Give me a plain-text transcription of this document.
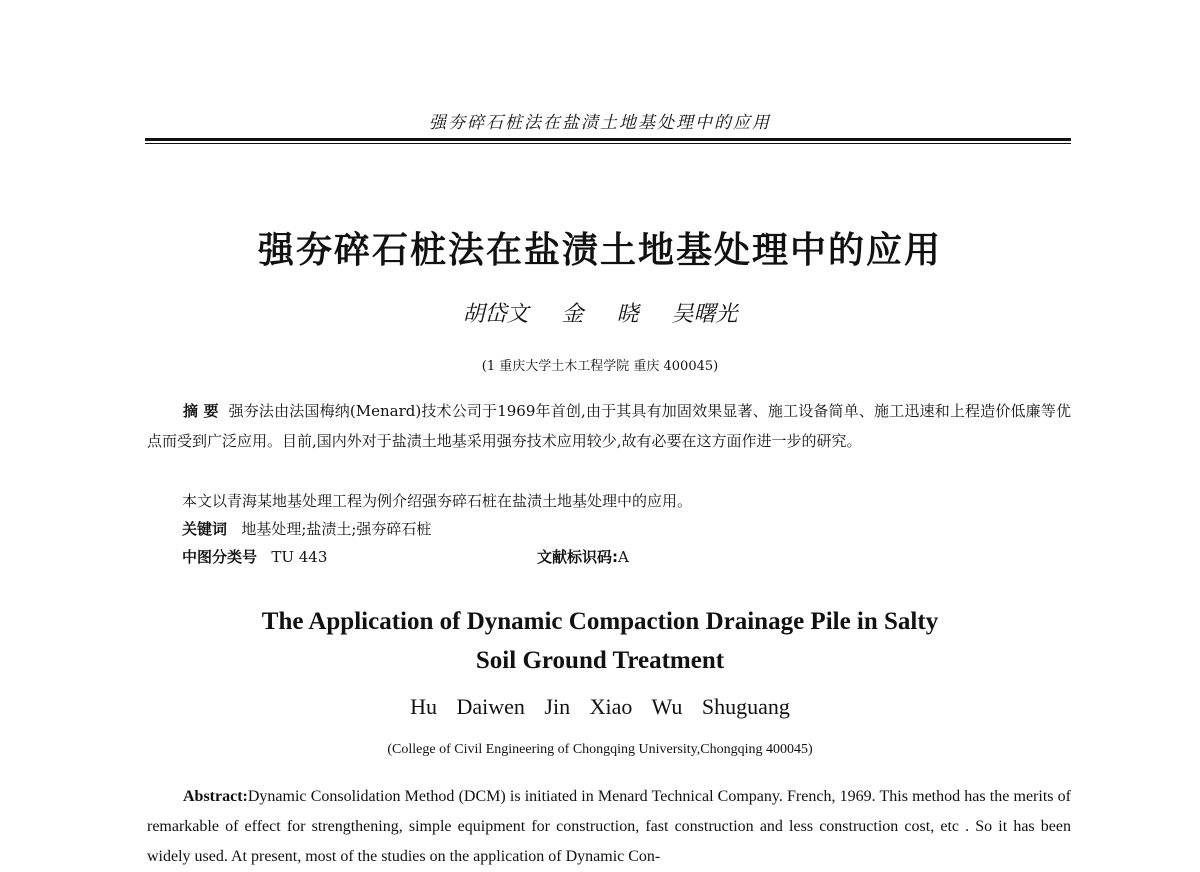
强夯碎石桩法在盐渍土地基处理中的应用
强夯碎石桩法在盐渍土地基处理中的应用
胡岱文 金 晓 吴曙光
(1 重庆大学土木工程学院 重庆 400045)
摘 要 强夯法由法国梅纳(Menard)技术公司于1969年首创,由于其具有加固效果显著、施工设备简单、施工迅速和上程造价低廉等优点而受到广泛应用。目前,国内外对于盐渍土地基采用强夯技术应用较少,故有必要在这方面作进一步的研究。
本文以青海某地基处理工程为例介绍强夯碎石桩在盐渍土地基处理中的应用。
关键词 地基处理;盐渍土;强夯碎石桩
中图分类号 TU 443	文献标识码:A
The Application of Dynamic Compaction Drainage Pile in Salty
Soil Ground Treatment
Hu Daiwen Jin Xiao Wu Shuguang
(College of Civil Engineering of Chongqing University,Chongqing 400045)
Abstract:Dynamic Consolidation Method (DCM) is initiated in Menard Technical Company. French, 1969. This method has the merits of remarkable of effect for strengthening, simple equipment for construction, fast construction and less construction cost, etc . So it has been widely used. At present, most of the studies on the application of Dynamic Con-
